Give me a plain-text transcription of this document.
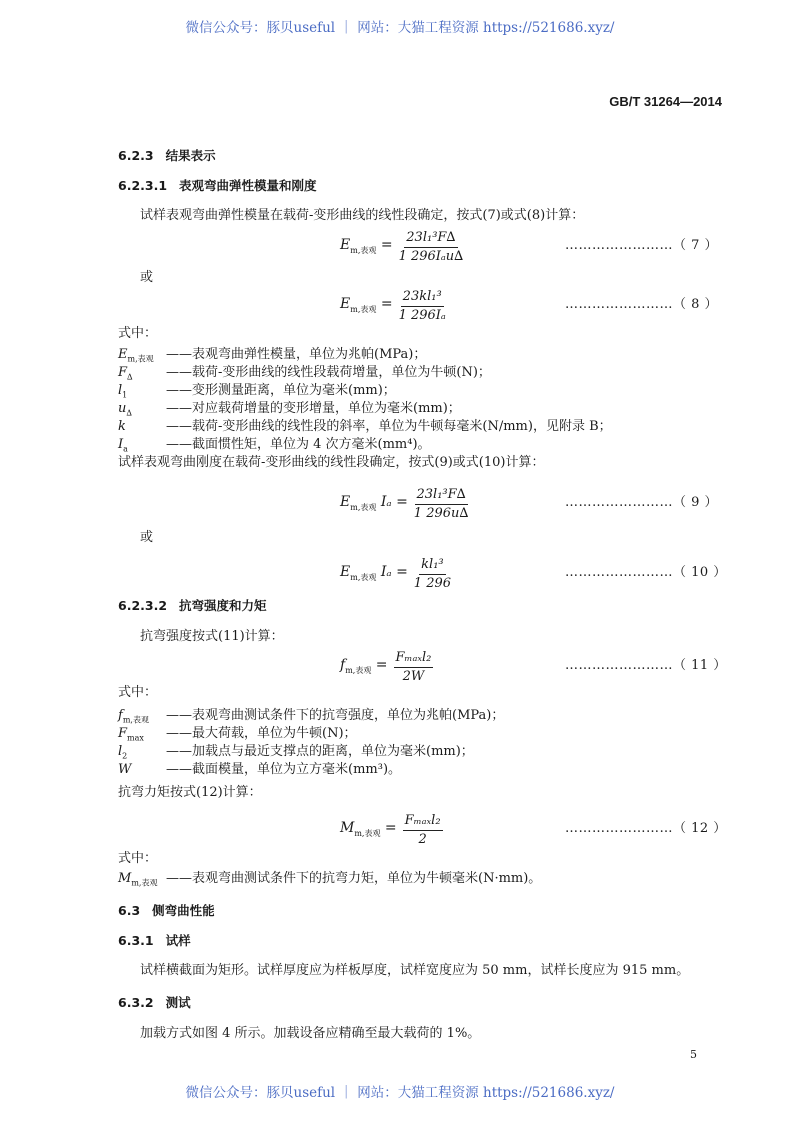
微信公众号：豚贝useful ｜ 网站：大猫工程资源 https://521686.xyz/
GB/T 31264—2014
6.2.3 结果表示
6.2.3.1 表观弯曲弹性模量和刚度
试样表观弯曲弹性模量在载荷-变形曲线的线性段确定，按式(7)或式(8)计算：
$E_{m,表观} = \frac{\text{23l₁³F∆}}{\text{1 296Iₐu∆}}$
或
$E_{m,表观} = \frac{\text{23kl₁³}}{\text{1 296Iₐ}}$
式中：
$E_{m,表观}$ ——表观弯曲弹性模量，单位为兆帕(MPa)；
$F_\Delta$	——载荷-变形曲线的线性段载荷增量，单位为牛顿(N)；
$l_1$	——变形测量距离，单位为毫米(mm)；
$u_\Delta$	——对应载荷增量的变形增量，单位为毫米(mm)；
k	——载荷-变形曲线的线性段的斜率，单位为牛顿每毫米(N/mm)，见附录 B；
$I_a$	——截面惯性矩，单位为 4 次方毫米(mm⁴)。
试样表观弯曲刚度在载荷-变形曲线的线性段确定，按式(9)或式(10)计算：
$E_{m,表观}$ $I_a = \frac{\text{23l₁³F∆}}{1 296u\Delta}$
或
$E_{m,表观}$ $I_a = \frac{\text{kl₁³}}{1 296}$
6.2.3.2 抗弯强度和力矩
抗弯强度按式(11)计算：
$f_{m,表观} = \frac{\text{Fₘₐₓl₂}}{2W}$
式中：
$f_{m,表观}$ ——表观弯曲测试条件下的抗弯强度，单位为兆帕(MPa)；
$F_{max}$ ——最大荷载，单位为牛顿(N)；
$l_2$	——加载点与最近支撑点的距离，单位为毫米(mm)；
W	——截面模量，单位为立方毫米(mm³)。
抗弯力矩按式(12)计算：
$M_{m,表观} = \frac{\text{Fₘₐₓl₂}}{2}$
式中：
$M_{m,表观}$ ——表观弯曲测试条件下的抗弯力矩，单位为牛顿毫米(N·mm)。
6.3 侧弯曲性能
6.3.1 试样
试样横截面为矩形。试样厚度应为样板厚度，试样宽度应为 50 mm，试样长度应为 915 mm。
6.3.2 测试
加载方式如图 4 所示。加载设备应精确至最大载荷的 1%。
5
微信公众号：豚贝useful ｜ 网站：大猫工程资源 https://521686.xyz/
……………………（ 7 ）
……………………（ 8 ）
……………………（ 9 ）
……………………（ 10 ）
……………………（ 11 ）
……………………（ 12 ）
